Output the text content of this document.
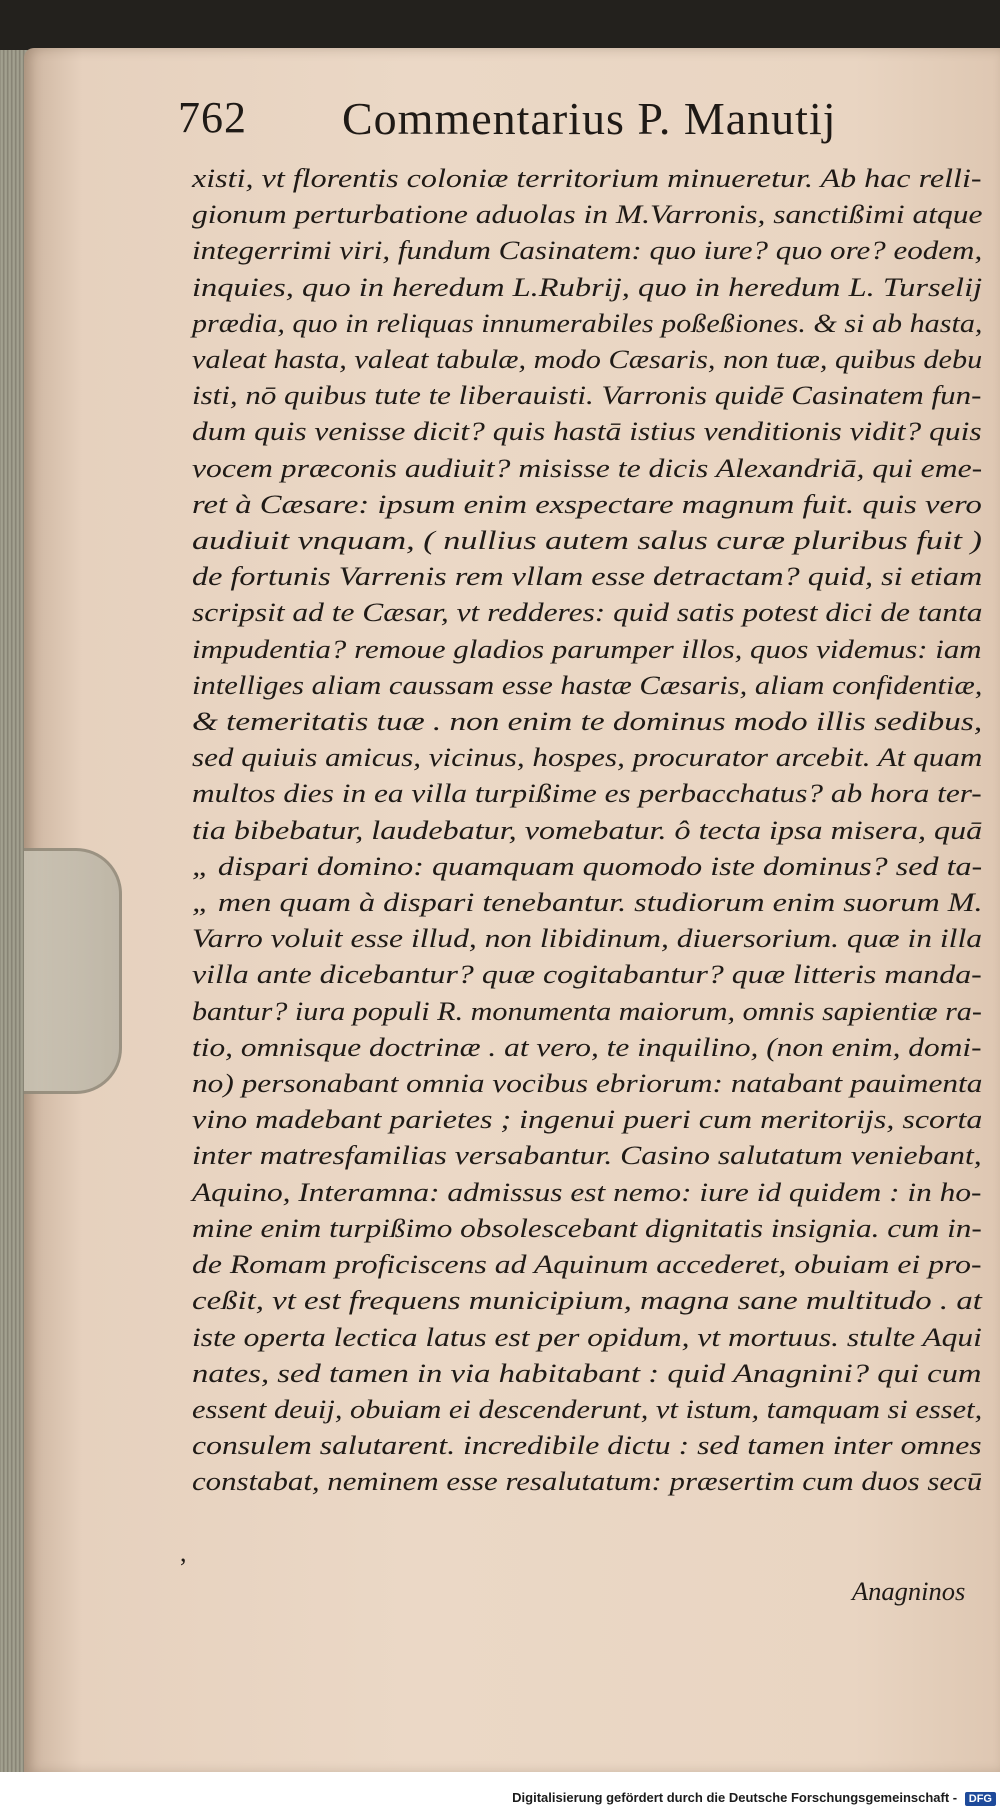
762 Commentarius P. Manutij
xisti, vt florentis coloniæ territorium minueretur. Ab hac relli-gionum perturbatione aduolas in M.Varronis, sanctißimi atqueintegerrimi viri, fundum Casinatem: quo iure? quo ore? eodem,inquies, quo in heredum L.Rubrij, quo in heredum L. Turselijprædia, quo in reliquas innumerabiles poßeßiones. & si ab hasta,valeat hasta, valeat tabulæ, modo Cæsaris, non tuæ, quibus debuisti, nō quibus tute te liberauisti. Varronis quidē Casinatem fun-dum quis venisse dicit? quis hastā istius venditionis vidit? quisvocem præconis audiuit? misisse te dicis Alexandriā, qui eme-ret à Cæsare: ipsum enim exspectare magnum fuit. quis veroaudiuit vnquam, ( nullius autem salus curæ pluribus fuit )de fortunis Varrenis rem vllam esse detractam? quid, si etiamscripsit ad te Cæsar, vt redderes: quid satis potest dici de tantaimpudentia? remoue gladios parumper illos, quos videmus: iamintelliges aliam caussam esse hastæ Cæsaris, aliam confidentiæ,& temeritatis tuæ . non enim te dominus modo illis sedibus,sed quiuis amicus, vicinus, hospes, procurator arcebit. At quammultos dies in ea villa turpißime es perbacchatus? ab hora ter-tia bibebatur, laudebatur, vomebatur. ô tecta ipsa misera, quā„ dispari domino: quamquam quomodo iste dominus? sed ta-„ men quam à dispari tenebantur. studiorum enim suorum M.Varro voluit esse illud, non libidinum, diuersorium. quæ in illavilla ante dicebantur? quæ cogitabantur? quæ litteris manda-bantur? iura populi R. monumenta maiorum, omnis sapientiæ ra-tio, omnisque doctrinæ . at vero, te inquilino, (non enim, domi-no) personabant omnia vocibus ebriorum: natabant pauimentavino madebant parietes ; ingenui pueri cum meritorijs, scortainter matresfamilias versabantur. Casino salutatum veniebant,Aquino, Interamna: admissus est nemo: iure id quidem : in ho-mine enim turpißimo obsolescebant dignitatis insignia. cum in-de Romam proficiscens ad Aquinum accederet, obuiam ei pro-ceßit, vt est frequens municipium, magna sane multitudo . atiste operta lectica latus est per opidum, vt mortuus. stulte Aquinates, sed tamen in via habitabant : quid Anagnini? qui cumessent deuij, obuiam ei descenderunt, vt istum, tamquam si esset,consulem salutarent. incredibile dictu : sed tamen inter omnesconstabat, neminem esse resalutatum: præsertim cum duos secū
,
Anagninos
Digitalisierung gefördert durch die Deutsche Forschungsgemeinschaft - DFG
